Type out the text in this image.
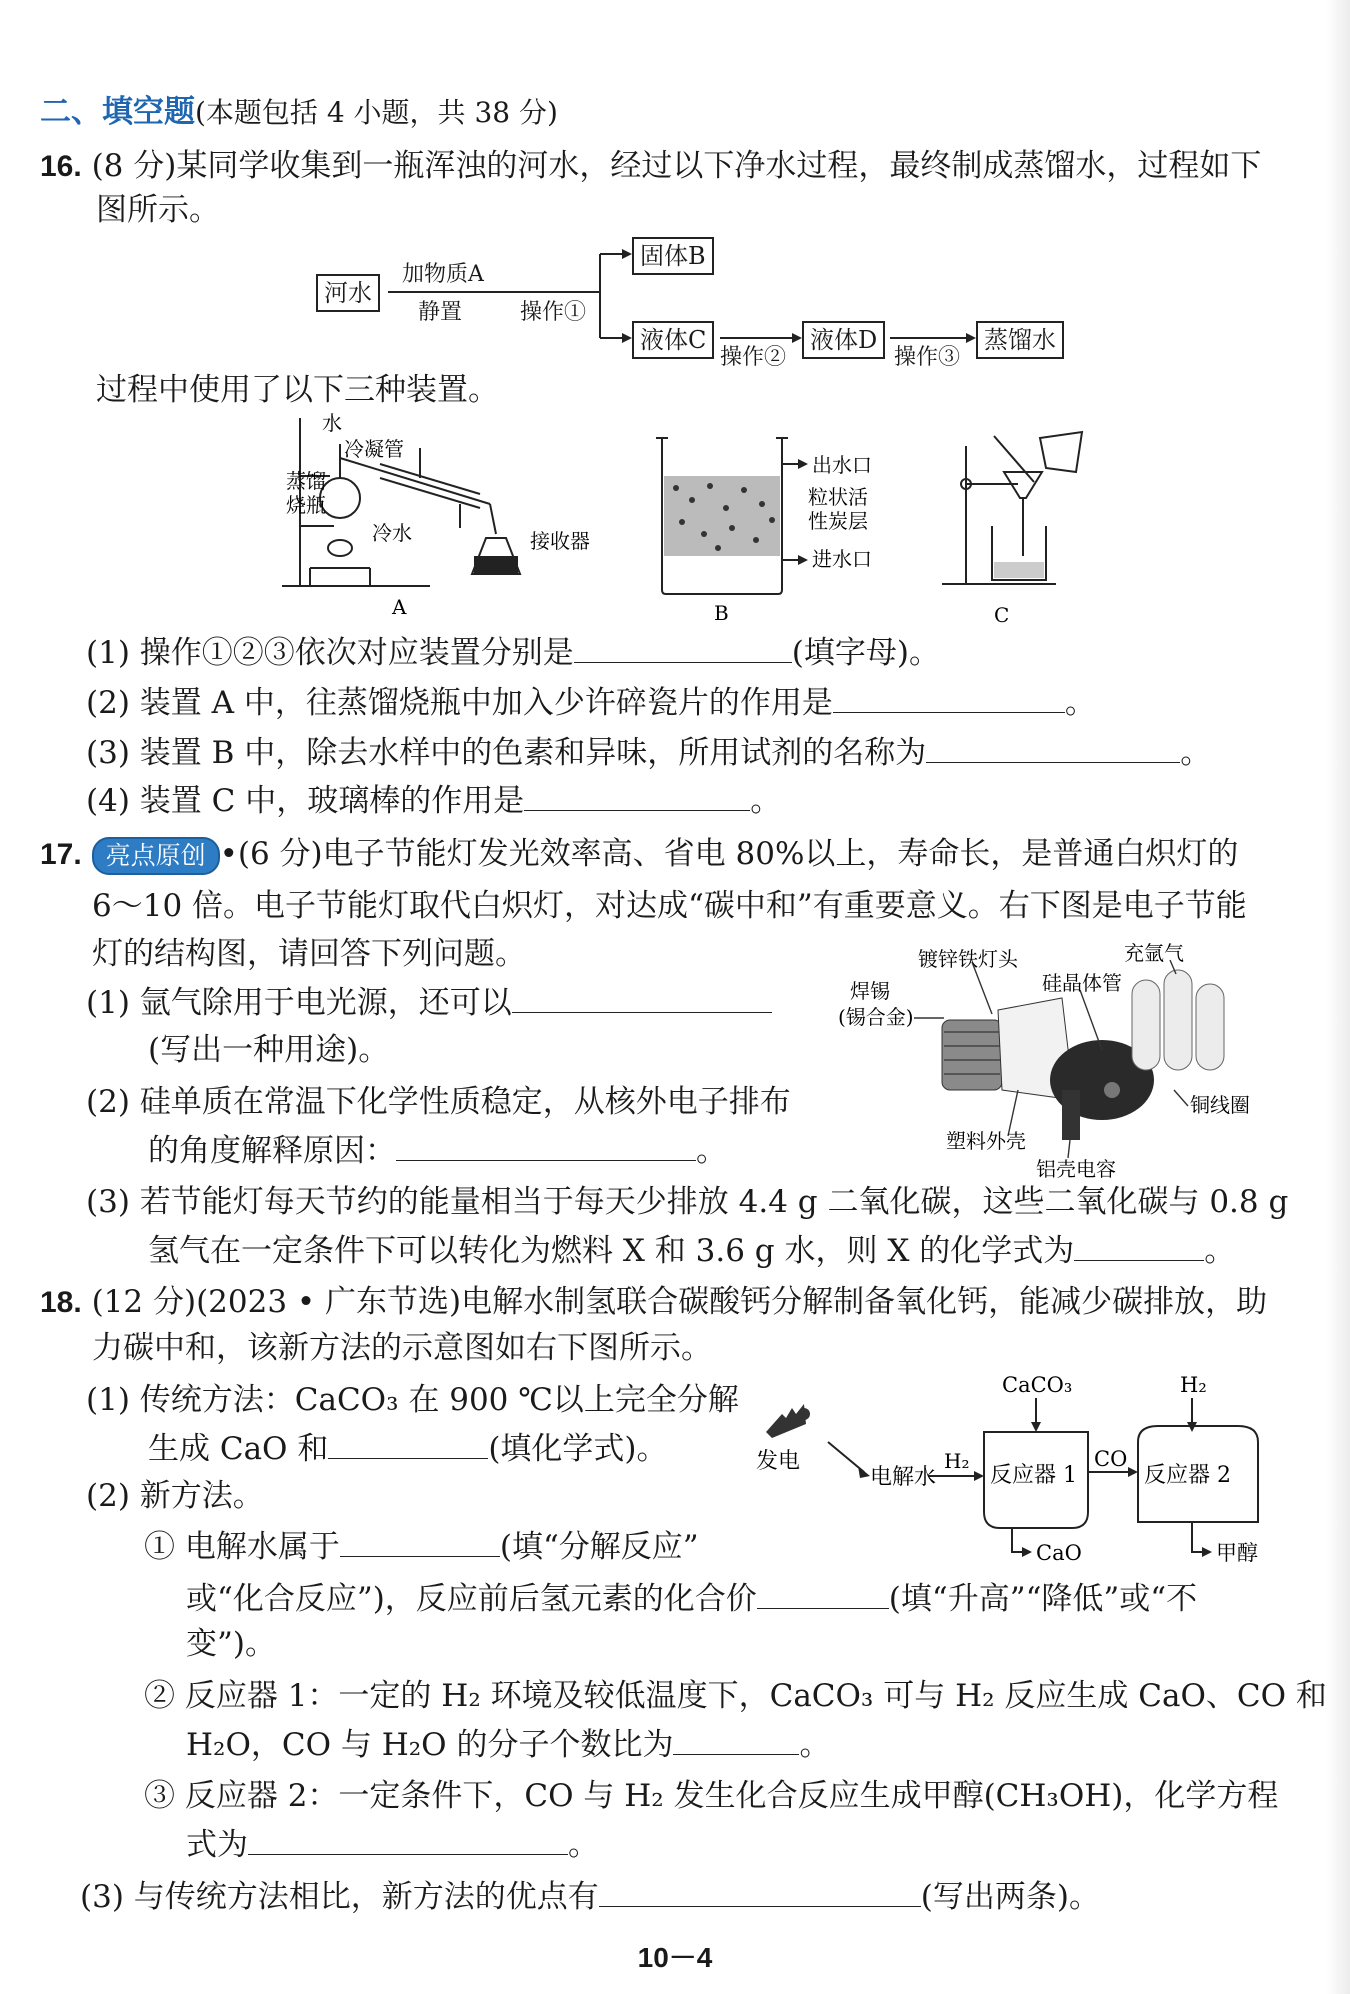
二、填空题(本题包括 4 小题，共 38 分)
16. (8 分)某同学收集到一瓶浑浊的河水，经过以下净水过程，最终制成蒸馏水，过程如下
图所示。
河水
加物质A
静置	操作①
固体B
液体C
操作②
液体D
操作③
蒸馏水
过程中使用了以下三种装置。
水
冷凝管
蒸馏
烧瓶
冷水	接收器
A
出水口
粒状活
性炭层
进水口
B	C
(1) 操作①②③依次对应装置分别是	(填字母)。
(2) 装置 A 中，往蒸馏烧瓶中加入少许碎瓷片的作用是	。
(3) 装置 B 中，除去水样中的色素和异味，所用试剂的名称为	。
(4) 装置 C 中，玻璃棒的作用是	。
17. 亮点原创 •(6 分)电子节能灯发光效率高、省电 80%以上，寿命长，是普通白炽灯的
6～10 倍。电子节能灯取代白炽灯，对达成“碳中和”有重要意义。右下图是电子节能
灯的结构图，请回答下列问题。
(1) 氩气除用于电光源，还可以
(写出一种用途)。
(2) 硅单质在常温下化学性质稳定，从核外电子排布
的角度解释原因：	。
镀锌铁灯头	充氩气
焊锡
(锡合金)
硅晶体管
铜线圈
塑料外壳
铝壳电容
(3) 若节能灯每天节约的能量相当于每天少排放 4.4 g 二氧化碳，这些二氧化碳与 0.8 g
氢气在一定条件下可以转化为燃料 X 和 3.6 g 水，则 X 的化学式为	。
18. (12 分)(2023 • 广东节选)电解水制氢联合碳酸钙分解制备氧化钙，能减少碳排放，助
力碳中和，该新方法的示意图如右下图所示。
(1) 传统方法：CaCO₃ 在 900 ℃以上完全分解
生成 CaO 和	(填化学式)。
(2) 新方法。
CaCO₃	H₂
发电
电解水
H₂
反应器 1
CO
反应器 2
CaO	甲醇
① 电解水属于	(填“分解反应”
或“化合反应”)，反应前后氢元素的化合价	(填“升高”“降低”或“不
变”)。
② 反应器 1：一定的 H₂ 环境及较低温度下，CaCO₃ 可与 H₂ 反应生成 CaO、CO 和
H₂O，CO 与 H₂O 的分子个数比为	。
③ 反应器 2：一定条件下，CO 与 H₂ 发生化合反应生成甲醇(CH₃OH)，化学方程
式为	。
(3) 与传统方法相比，新方法的优点有	(写出两条)。
10－4
